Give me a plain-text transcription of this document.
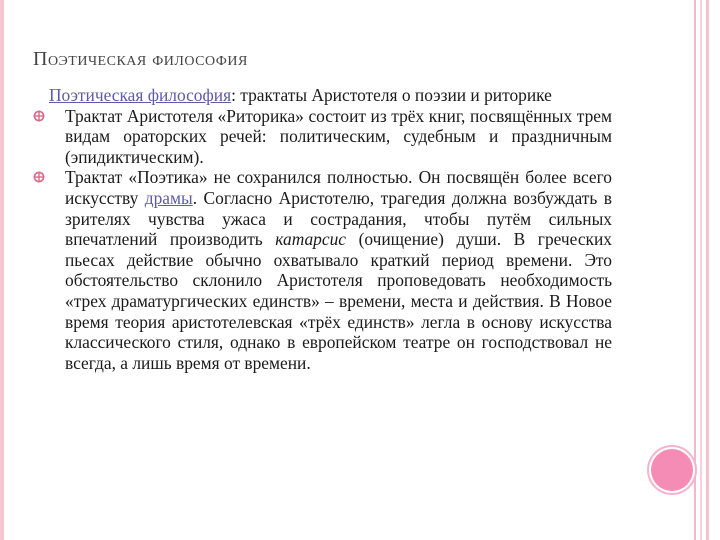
Поэтическая философия

Поэтическая философия: трактаты Аристотеля о поэзии и риторике

Трактат Аристотеля «Риторика» состоит из трёх книг, посвящённых трем видам ораторских речей: политическим, судебным и праздничным (эпидиктическим).

Трактат «Поэтика» не сохранился полностью. Он посвящён более всего искусству драмы. Согласно Аристотелю, трагедия должна возбуждать в зрителях чувства ужаса и сострадания, чтобы путём сильных впечатлений производить катарсис (очищение) души. В греческих пьесах действие обычно охватывало краткий период времени. Это обстоятельство склонило Аристотеля проповедовать необходимость «трех драматургических единств» – времени, места и действия. В Новое время теория аристотелевская «трёх единств» легла в основу искусства классического стиля, однако в европейском театре он господствовал не всегда, а лишь время от времени.
